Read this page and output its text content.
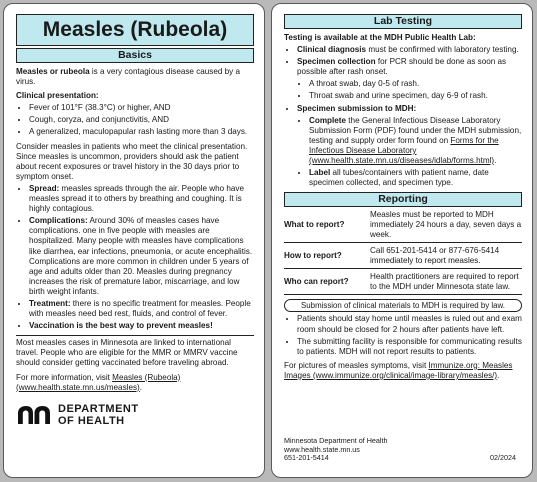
Measles (Rubeola)
Basics

Measles or rubeola is a very contagious disease caused by a virus.

Clinical presentation:

• Fever of 101°F (38.3°C) or higher, AND
• Cough, coryza, and conjunctivitis, AND
• A generalized, maculopapular rash lasting more than 3 days.

Consider measles in patients who meet the clinical presentation. Since measles is uncommon, providers should ask the patient about recent exposures or travel history in the 30 days prior to symptom onset.

• Spread: measles spreads through the air. People who have measles spread it to others by breathing and coughing. It is highly contagious.
• Complications: Around 30% of measles cases have complications. one in five people with measles are hospitalized. Many people with measles have complications like diarrhea, ear infections, pneumonia, or acute encephalitis. Complications are more common in children under 5 years of age and adults older than 20. Measles during pregnancy increases the risk of premature labor, miscarriage, and low birth weight infants.
• Treatment: there is no specific treatment for measles. People with measles need bed rest, fluids, and control of fever.
• Vaccination is the best way to prevent measles!

Most measles cases in Minnesota are linked to international travel. People who are eligible for the MMR or MMRV vaccine should consider getting vaccinated before traveling abroad.

For more information, visit Measles (Rubeola) (www.health.state.mn.us/measles).

DEPARTMENT
OF HEALTH
Lab Testing

Testing is available at the MDH Public Health Lab:

• Clinical diagnosis must be confirmed with laboratory testing.
• Specimen collection for PCR should be done as soon as possible after rash onset.
• A throat swab, day 0-5 of rash.
• Throat swab and urine specimen, day 6-9 of rash.
• Specimen submission to MDH:
• Complete the General Infectious Disease Laboratory Submission Form (PDF) found under the MDH submission, testing and supply order form found on Forms for the Infectious Disease Laboratory (www.health.state.mn.us/diseases/idlab/forms.html).
• Label all tubes/containers with patient name, date specimen collected, and specimen type.
Reporting
What to report?	Measles must be reported to MDH immediately 24 hours a day, seven days a week.
How to report?	Call 651-201-5414 or 877-676-5414 immediately to report measles.
Who can report?	Health practitioners are required to report to the MDH under Minnesota state law.
Submission of clinical materials to MDH is required by law.
• Patients should stay home until measles is ruled out and exam room should be closed for 2 hours after patients have left.
• The submitting facility is responsible for communicating results to patients. MDH will not report results to patients.

For pictures of measles symptoms, visit Immunize.org: Measles Images (www.immunize.org/clinical/image-library/measles/).

Minnesota Department of Health
www.health.state.mn.us
651-201-5414	02/2024
